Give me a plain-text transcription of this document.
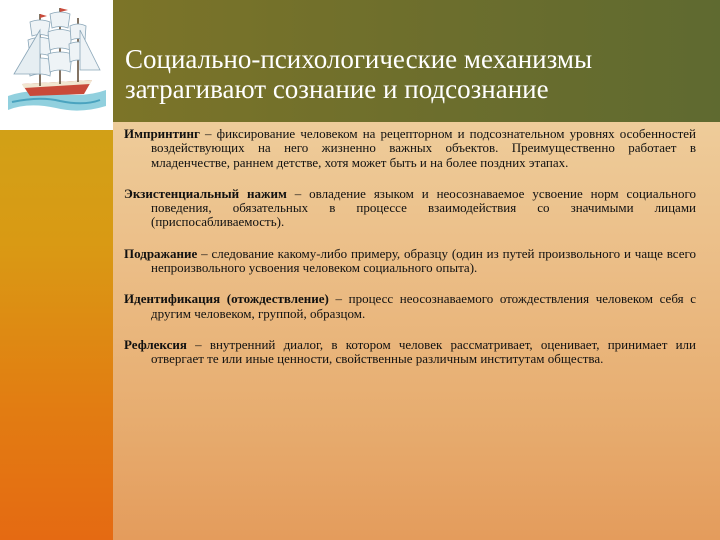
Социально-психологические механизмы
затрагивают сознание и подсознание

Импринтинг – фиксирование человеком на рецепторном и подсознательном уровнях особенностей воздействующих на него жизненно важных объектов. Преимущественно работает в младенчестве, раннем детстве, хотя может быть и на более поздних этапах.

Экзистенциальный нажим – овладение языком и неосознаваемое усвоение норм социального поведения, обязательных в процессе взаимодействия со значимыми лицами (приспосабливаемость).

Подражание – следование какому-либо примеру, образцу (один из путей произвольного и чаще всего непроизвольного усвоения человеком социального опыта).

Идентификация (отождествление) – процесс неосознаваемого отождествления человеком себя с другим человеком, группой, образцом.

Рефлексия – внутренний диалог, в котором человек рассматривает, оценивает, принимает или отвергает те или иные ценности, свойственные различным институтам общества.
